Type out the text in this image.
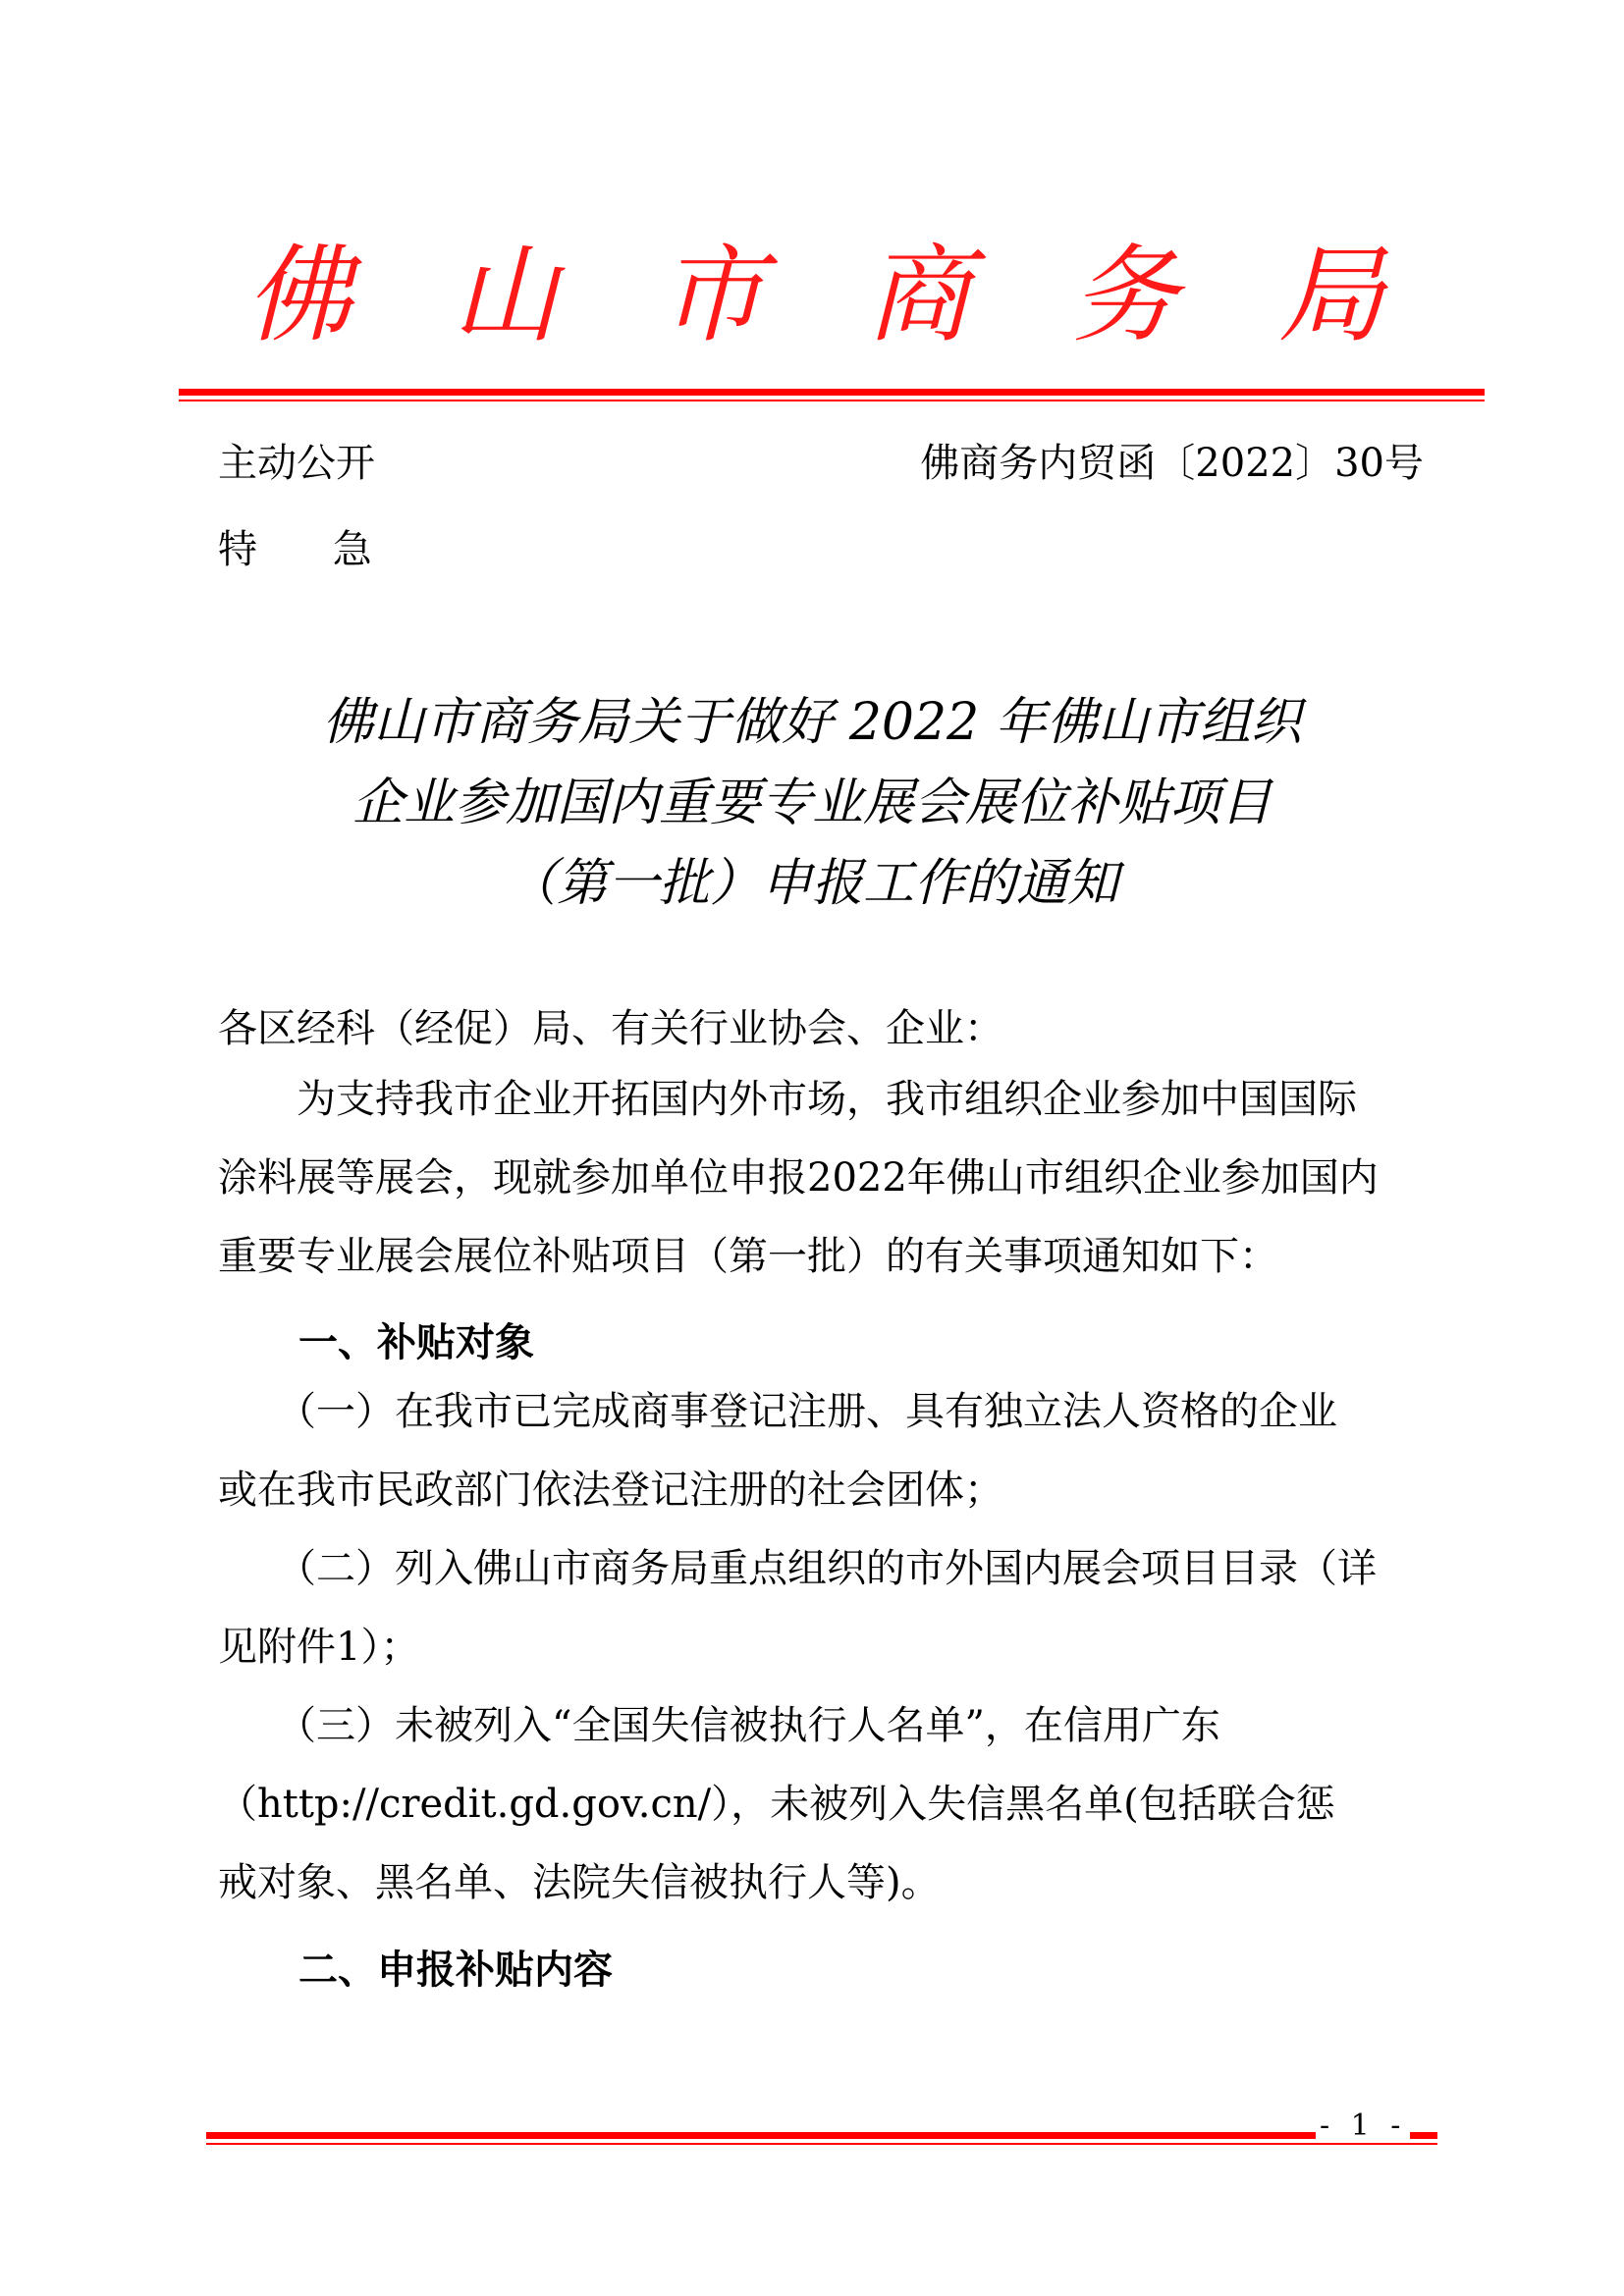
佛 山 市 商 务 局
主动公开	佛商务内贸函〔2022〕30号
特 急
佛山市商务局关于做好 2022 年佛山市组织
企业参加国内重要专业展会展位补贴项目
（第一批）申报工作的通知
各区经科（经促）局、有关行业协会、企业：
　　为支持我市企业开拓国内外市场，我市组织企业参加中国国际
涂料展等展会，现就参加单位申报2022年佛山市组织企业参加国内
重要专业展会展位补贴项目（第一批）的有关事项通知如下：
一、补贴对象
　　（一）在我市已完成商事登记注册、具有独立法人资格的企业
或在我市民政部门依法登记注册的社会团体；
　　（二）列入佛山市商务局重点组织的市外国内展会项目目录（详
见附件1）；
　　（三）未被列入“全国失信被执行人名单”，在信用广东
（http://credit.gd.gov.cn/），未被列入失信黑名单(包括联合惩
戒对象、黑名单、法院失信被执行人等)。
二、申报补贴内容
- 1 -
